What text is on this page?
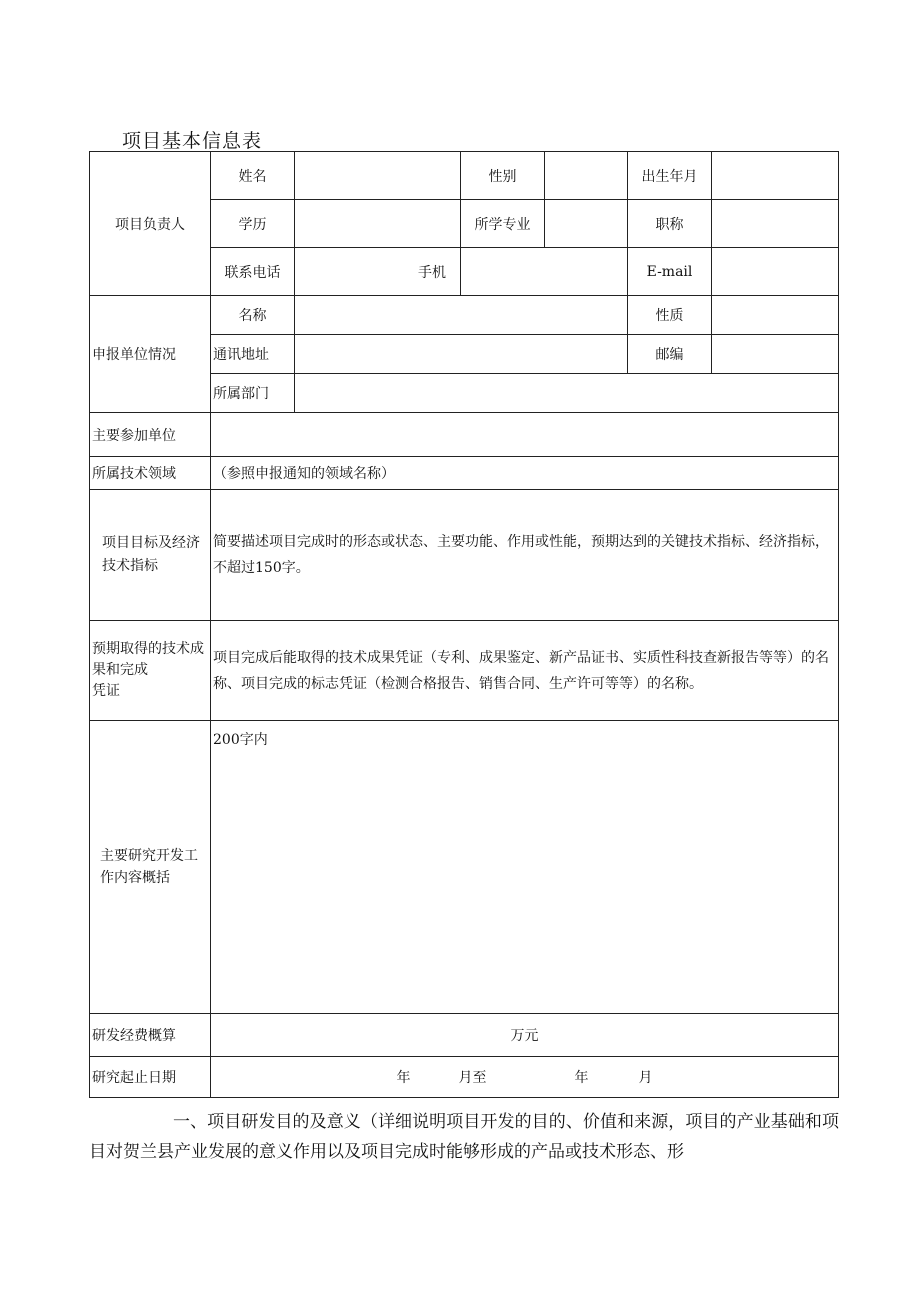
项目基本信息表
项目负责人	姓名		性别		出生年月	
	学历		所学专业		职称	
	联系电话	手机			E-mail	
申报单位情况	名称				性质	
	通讯地址				邮编	
	所属部门					
主要参加单位						
所属技术领域	（参照申报通知的领域名称）					
项目目标及经济技术指标	简要描述项目完成时的形态或状态、主要功能、作用或性能，预期达到的关键技术指标、经济指标，不超过150字。					
预期取得的技术成果和完成
凭证	项目完成后能取得的技术成果凭证（专利、成果鉴定、新产品证书、实质性科技查新报告等等）的名称、项目完成的标志凭证（检测合格报告、销售合同、生产许可等等）的名称。					
主要研究开发工作内容概括	200字内					
研发经费概算	万元					
研究起止日期	年 月至 年 月					
一、项目研发目的及意义（详细说明项目开发的目的、价值和来源，项目的产业基础和项目对贺兰县产业发展的意义作用以及项目完成时能够形成的产品或技术形态、形
